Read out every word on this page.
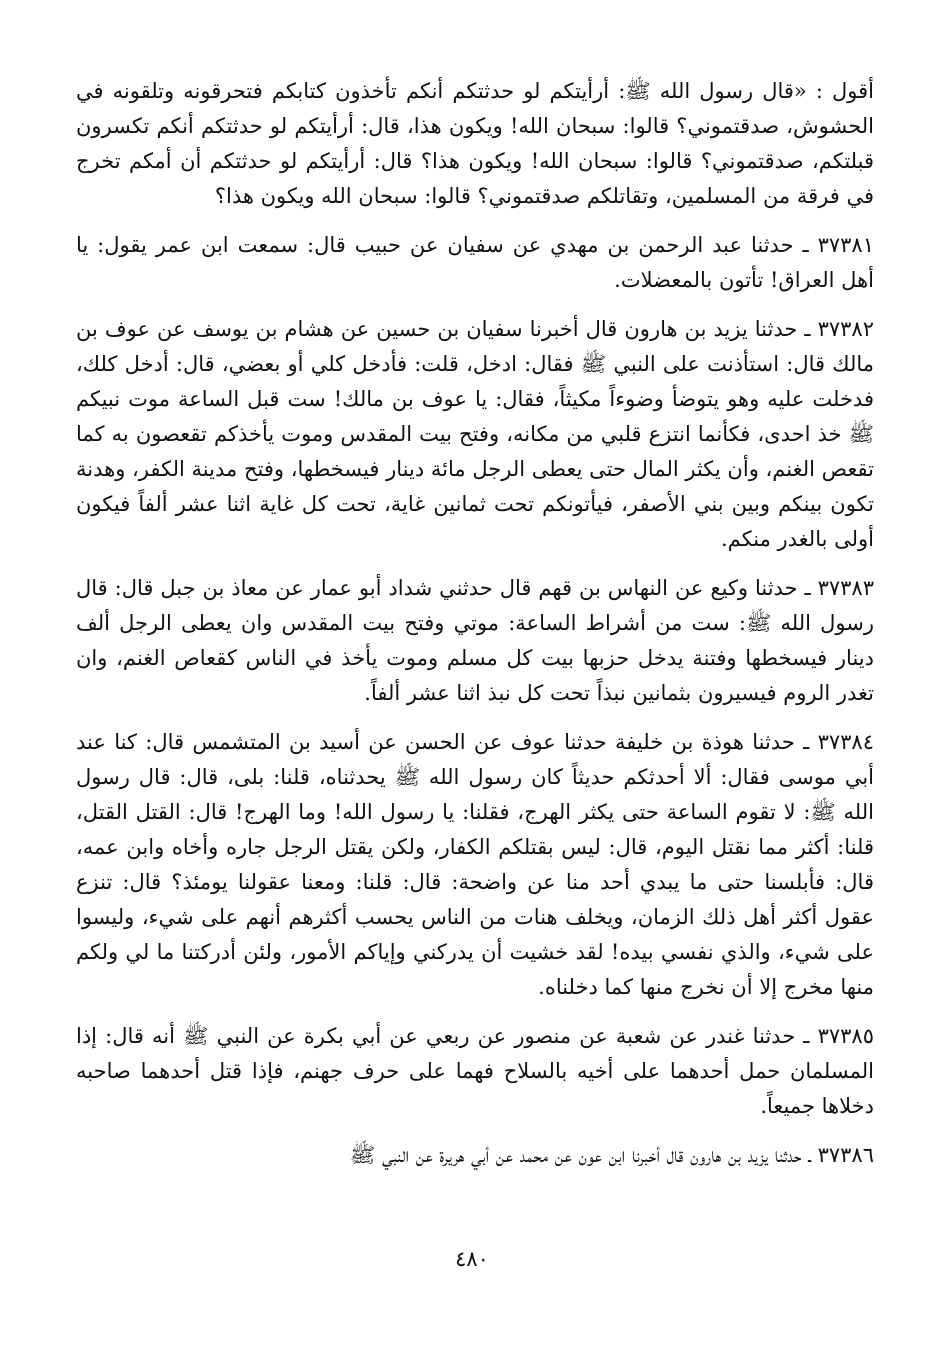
أقول : «قال رسول الله ﷺ: أرأيتكم لو حدثتكم أنكم تأخذون كتابكم فتحرقونه وتلقونه في الحشوش، صدقتموني؟ قالوا: سبحان الله! ويكون هذا، قال: أرأيتكم لو حدثتكم أنكم تكسرون قبلتكم، صدقتموني؟ قالوا: سبحان الله! ويكون هذا؟ قال: أرأيتكم لو حدثتكم أن أمكم تخرج في فرقة من المسلمين، وتقاتلكم صدقتموني؟ قالوا: سبحان الله ويكون هذا؟

٣٧٣٨١ ـ حدثنا عبد الرحمن بن مهدي عن سفيان عن حبيب قال: سمعت ابن عمر يقول: يا أهل العراق! تأتون بالمعضلات.

٣٧٣٨٢ ـ حدثنا يزيد بن هارون قال أخبرنا سفيان بن حسين عن هشام بن يوسف عن عوف بن مالك قال: استأذنت على النبي ﷺ فقال: ادخل، قلت: فأدخل كلي أو بعضي، قال: أدخل كلك، فدخلت عليه وهو يتوضأ وضوءاً مكيثاً، فقال: يا عوف بن مالك! ست قبل الساعة موت نبيكم ﷺ خذ احدى، فكأنما انتزع قلبي من مكانه، وفتح بيت المقدس وموت يأخذكم تقعصون به كما تقعص الغنم، وأن يكثر المال حتى يعطى الرجل مائة دينار فيسخطها، وفتح مدينة الكفر، وهدنة تكون بينكم وبين بني الأصفر، فيأتونكم تحت ثمانين غاية، تحت كل غاية اثنا عشر ألفاً فيكون أولى بالغدر منكم.

٣٧٣٨٣ ـ حدثنا وكيع عن النهاس بن قهم قال حدثني شداد أبو عمار عن معاذ بن جبل قال: قال رسول الله ﷺ: ست من أشراط الساعة: موتي وفتح بيت المقدس وان يعطى الرجل ألف دينار فيسخطها وفتنة يدخل حزبها بيت كل مسلم وموت يأخذ في الناس كقعاص الغنم، وان تغدر الروم فيسيرون بثمانين نبذاً تحت كل نبذ اثنا عشر ألفاً.

٣٧٣٨٤ ـ حدثنا هوذة بن خليفة حدثنا عوف عن الحسن عن أسيد بن المتشمس قال: كنا عند أبي موسى فقال: ألا أحدثكم حديثاً كان رسول الله ﷺ يحدثناه، قلنا: بلى، قال: قال رسول الله ﷺ: لا تقوم الساعة حتى يكثر الهرج، فقلنا: يا رسول الله! وما الهرج! قال: القتل القتل، قلنا: أكثر مما نقتل اليوم، قال: ليس بقتلكم الكفار، ولكن يقتل الرجل جاره وأخاه وابن عمه، قال: فأبلسنا حتى ما يبدي أحد منا عن واضحة: قال: قلنا: ومعنا عقولنا يومئذ؟ قال: تنزع عقول أكثر أهل ذلك الزمان، ويخلف هنات من الناس يحسب أكثرهم أنهم على شيء، وليسوا على شيء، والذي نفسي بيده! لقد خشيت أن يدركني وإياكم الأمور، ولئن أدركتنا ما لي ولكم منها مخرج إلا أن نخرج منها كما دخلناه.

٣٧٣٨٥ ـ حدثنا غندر عن شعبة عن منصور عن ربعي عن أبي بكرة عن النبي ﷺ أنه قال: إذا المسلمان حمل أحدهما على أخيه بالسلاح فهما على حرف جهنم، فإذا قتل أحدهما صاحبه دخلاها جميعاً.

٣٧٣٨٦ ـ حدثنا يزيد بن هارون قال أخبرنا ابن عون عن محمد عن أبي هريرة عن النبي ﷺ

٤٨٠
